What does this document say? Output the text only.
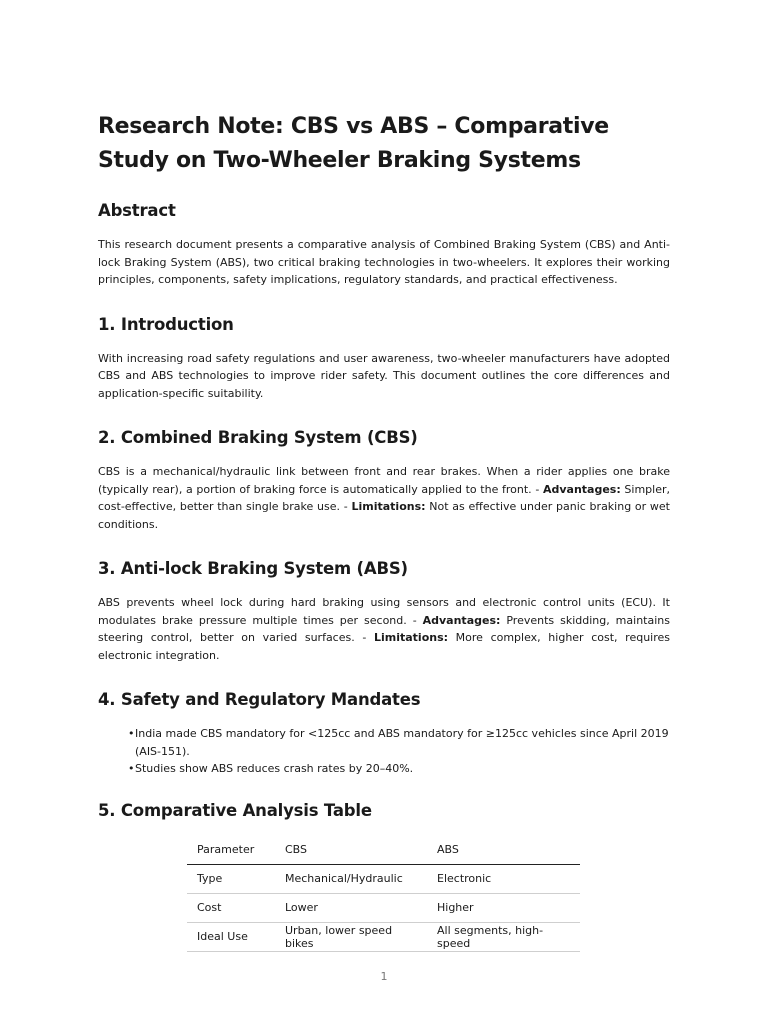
Research Note: CBS vs ABS – Comparative Study on Two-Wheeler Braking Systems
Abstract

This research document presents a comparative analysis of Combined Braking System (CBS) and Anti-lock Braking System (ABS), two critical braking technologies in two-wheelers. It explores their working principles, components, safety implications, regulatory standards, and practical effectiveness.

1. Introduction

With increasing road safety regulations and user awareness, two-wheeler manufacturers have adopted CBS and ABS technologies to improve rider safety. This document outlines the core differences and application-specific suitability.

2. Combined Braking System (CBS)

CBS is a mechanical/hydraulic link between front and rear brakes. When a rider applies one brake (typically rear), a portion of braking force is automatically applied to the front. - Advantages: Simpler, cost-effective, better than single brake use. - Limitations: Not as effective under panic braking or wet conditions.

3. Anti-lock Braking System (ABS)

ABS prevents wheel lock during hard braking using sensors and electronic control units (ECU). It modulates brake pressure multiple times per second. - Advantages: Prevents skidding, maintains steering control, better on varied surfaces. - Limitations: More complex, higher cost, requires electronic integration.

4. Safety and Regulatory Mandates
• India made CBS mandatory for <125cc and ABS mandatory for ≥125cc vehicles since April 2019 (AIS-151).
• Studies show ABS reduces crash rates by 20–40%.
5. Comparative Analysis Table
Parameter	CBS	ABS
Type	Mechanical/Hydraulic	Electronic
Cost	Lower	Higher
Ideal Use	Urban, lower speed bikes	All segments, high-speed
1
